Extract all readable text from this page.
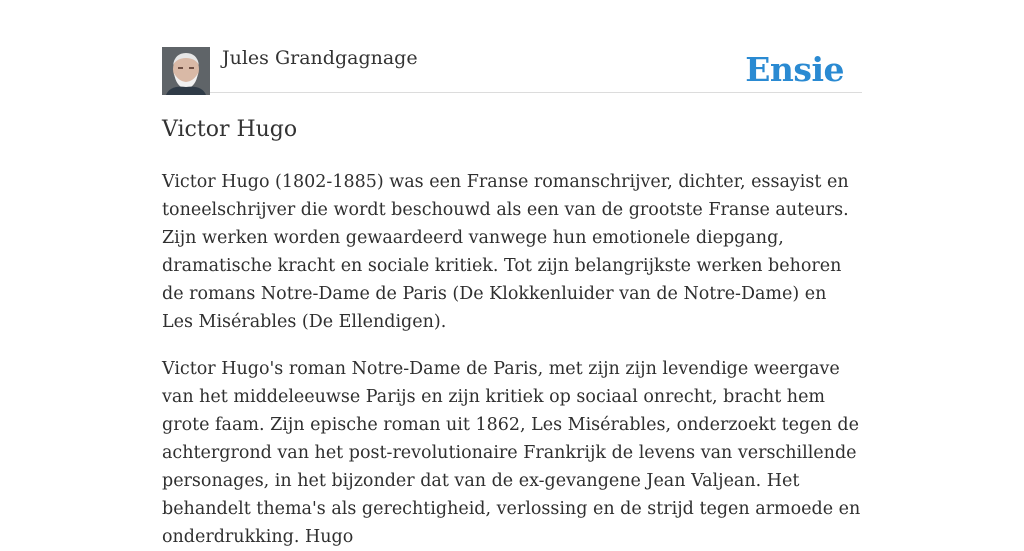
Jules Grandgagnage	Ensie
Victor Hugo

Victor Hugo (1802-1885) was een Franse romanschrijver, dichter, essayist en toneelschrijver die wordt beschouwd als een van de grootste Franse auteurs. Zijn werken worden gewaardeerd vanwege hun emotionele diepgang, dramatische kracht en sociale kritiek. Tot zijn belangrijkste werken behoren de romans Notre-Dame de Paris (De Klokkenluider van de Notre-Dame) en Les Misérables (De Ellendigen).

Victor Hugo's roman Notre-Dame de Paris, met zijn zijn levendige weergave van het middeleeuwse Parijs en zijn kritiek op sociaal onrecht, bracht hem grote faam. Zijn epische roman uit 1862, Les Misérables, onderzoekt tegen de achtergrond van het post-revolutionaire Frankrijk de levens van verschillende personages, in het bijzonder dat van de ex-gevangene Jean Valjean. Het behandelt thema's als gerechtigheid, verlossing en de strijd tegen armoede en onderdrukking. Hugo
